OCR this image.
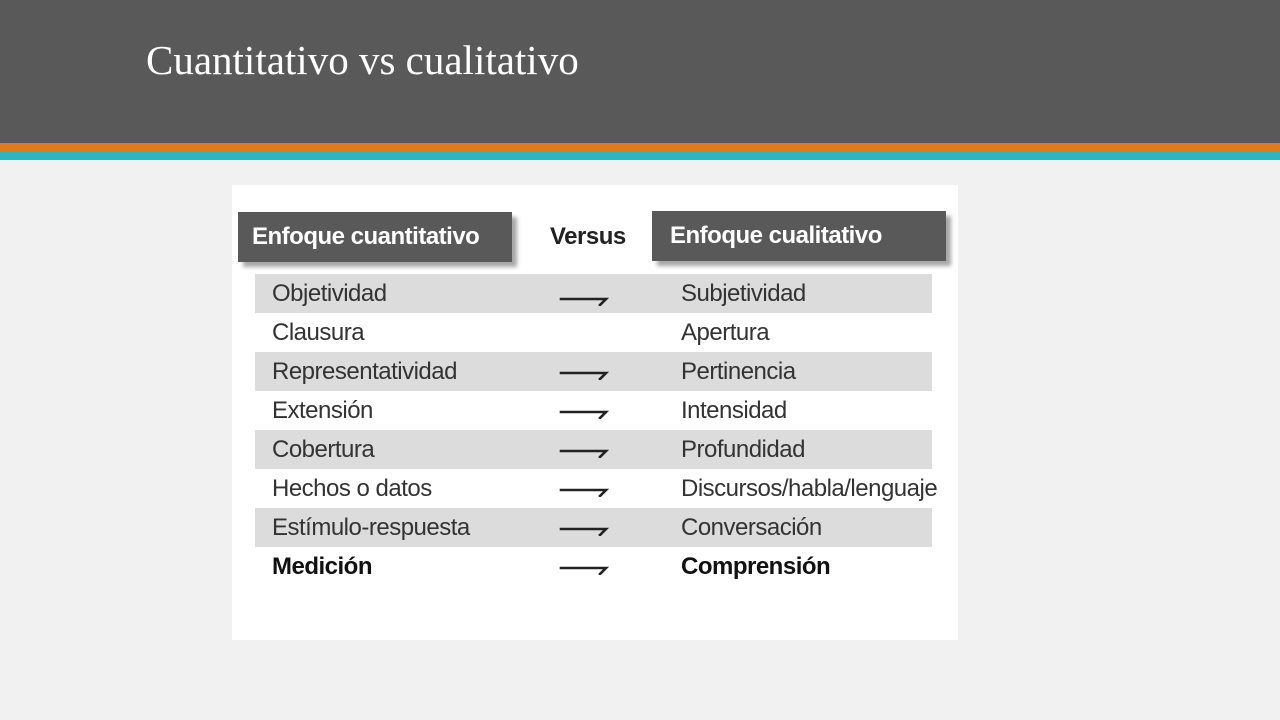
Cuantitativo vs cualitativo
Enfoque cuantitativo	Versus	Enfoque cualitativo
Objetividad	Subjetividad
Clausura	Apertura
Representatividad	Pertinencia
Extensión	Intensidad
Cobertura	Profundidad
Hechos o datos	Discursos/habla/lenguaje
Estímulo-respuesta	Conversación
Medición	Comprensión
